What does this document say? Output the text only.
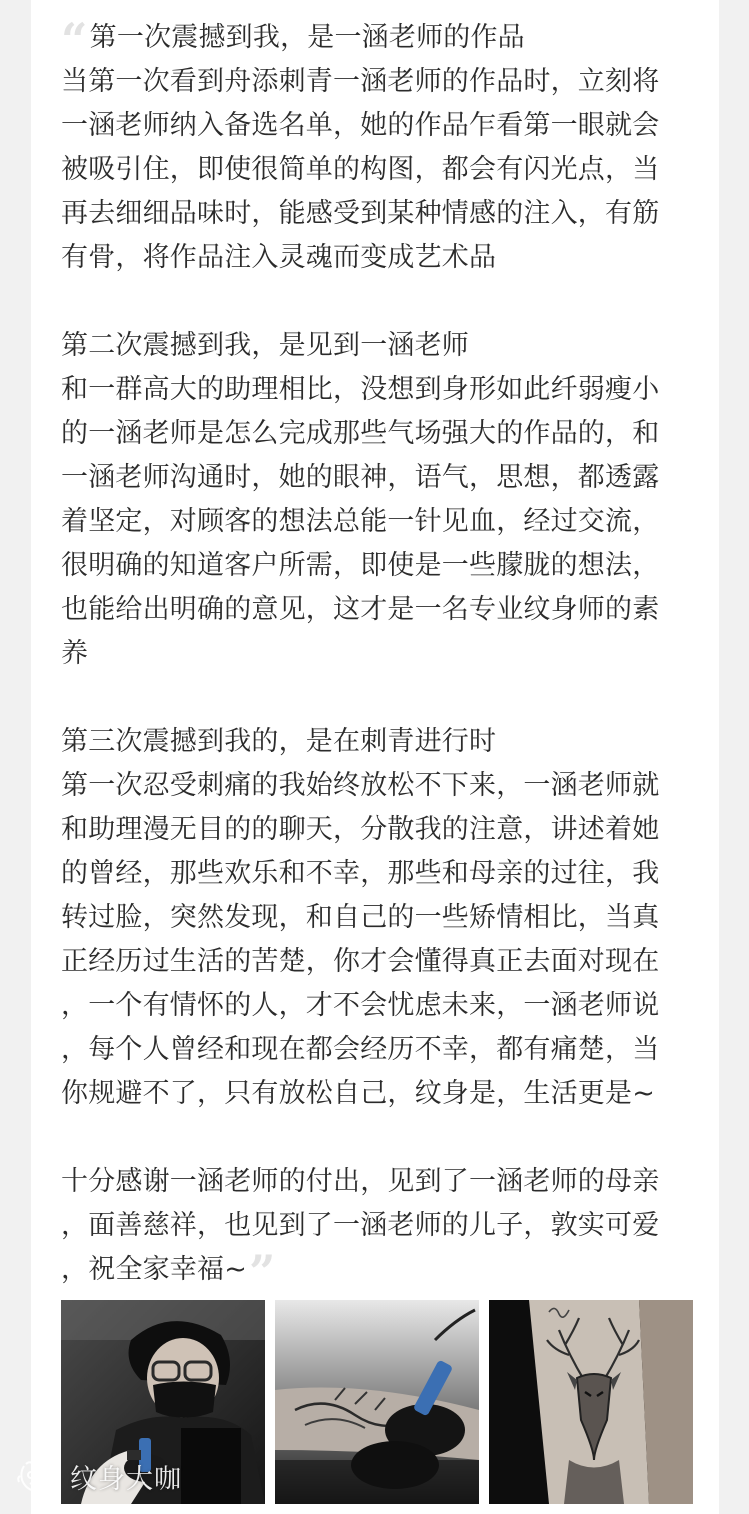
“第一次震撼到我，是一涵老师的作品
当第一次看到舟添刺青一涵老师的作品时，立刻将
一涵老师纳入备选名单，她的作品乍看第一眼就会
被吸引住，即使很简单的构图，都会有闪光点，当
再去细细品味时，能感受到某种情感的注入，有筋
有骨，将作品注入灵魂而变成艺术品

第二次震撼到我，是见到一涵老师
和一群高大的助理相比，没想到身形如此纤弱瘦小
的一涵老师是怎么完成那些气场强大的作品的，和
一涵老师沟通时，她的眼神，语气，思想，都透露
着坚定，对顾客的想法总能一针见血，经过交流，
很明确的知道客户所需，即使是一些朦胧的想法，
也能给出明确的意见，这才是一名专业纹身师的素
养

第三次震撼到我的，是在刺青进行时
第一次忍受刺痛的我始终放松不下来，一涵老师就
和助理漫无目的的聊天，分散我的注意，讲述着她
的曾经，那些欢乐和不幸，那些和母亲的过往，我
转过脸，突然发现，和自己的一些矫情相比，当真
正经历过生活的苦楚，你才会懂得真正去面对现在
，一个有情怀的人，才不会忧虑未来，一涵老师说
，每个人曾经和现在都会经历不幸，都有痛楚，当
你规避不了，只有放松自己，纹身是，生活更是~

十分感谢一涵老师的付出，见到了一涵老师的母亲
，面善慈祥，也见到了一涵老师的儿子，敦实可爱
，祝全家幸福~”

纹身大咖
